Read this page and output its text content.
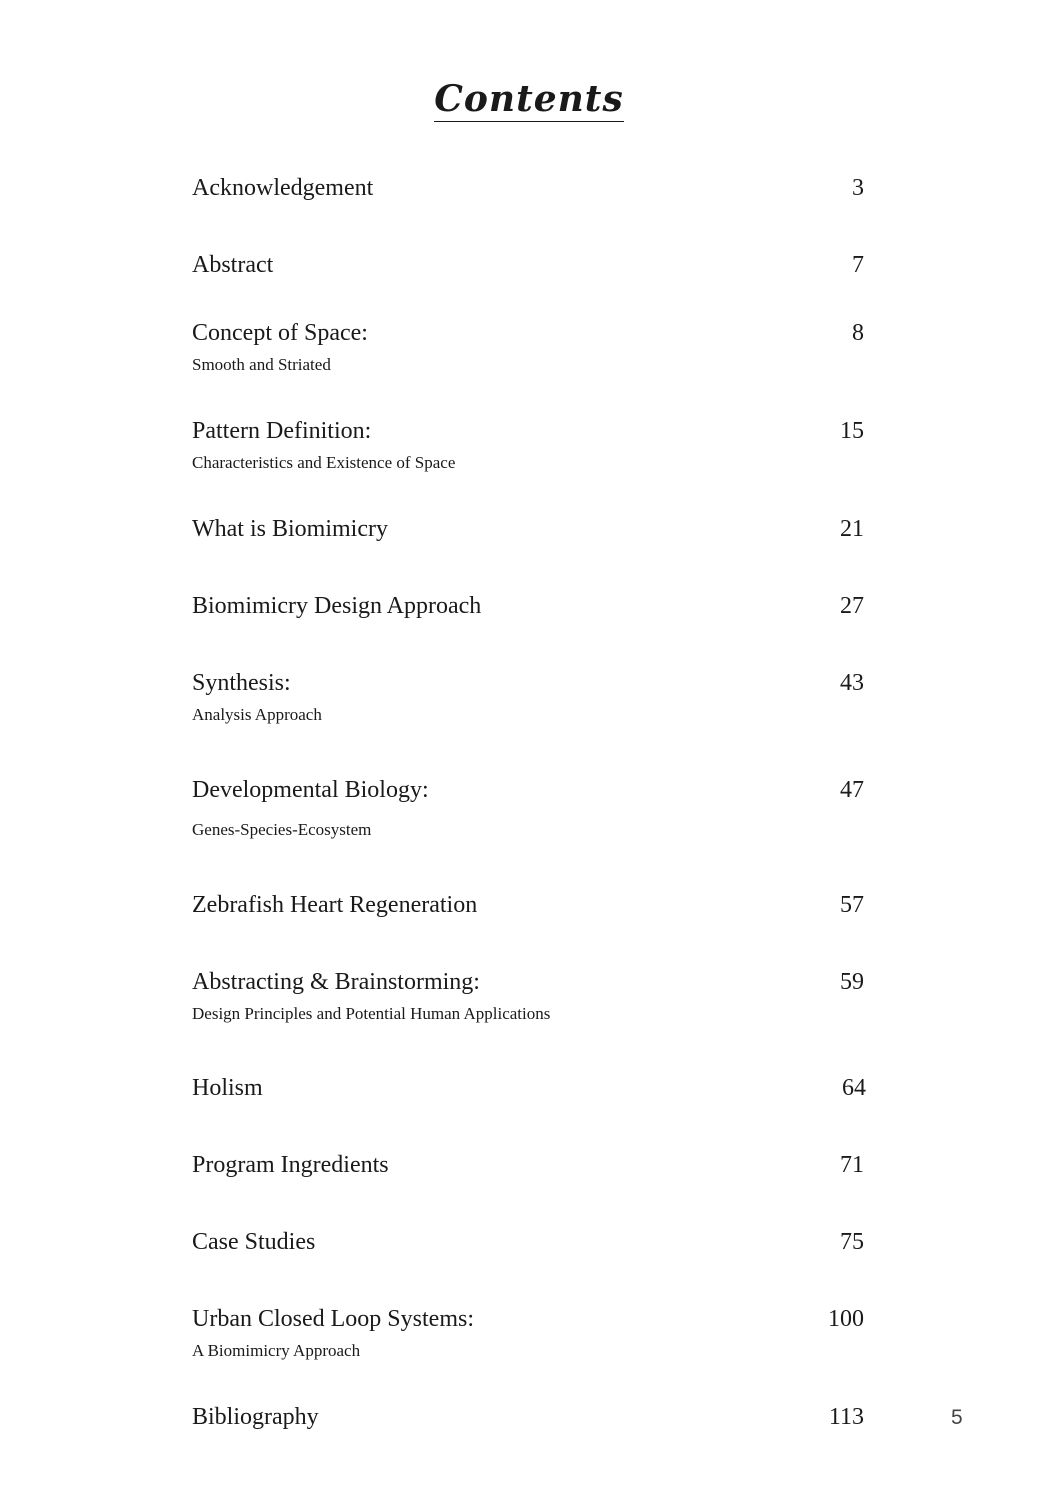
Contents
Acknowledgement	3
Abstract	7
Concept of Space:	8
Smooth and Striated
Pattern Definition:	15
Characteristics and Existence of Space
What is Biomimicry	21
Biomimicry Design Approach	27
Synthesis:	43
Analysis Approach
Developmental Biology:	47
Genes-Species-Ecosystem
Zebrafish Heart Regeneration	57
Abstracting & Brainstorming:	59
Design Principles and Potential Human Applications
Holism	64
Program Ingredients	71
Case Studies	75
Urban Closed Loop Systems:	100
A Biomimicry Approach
Bibliography	113	5
